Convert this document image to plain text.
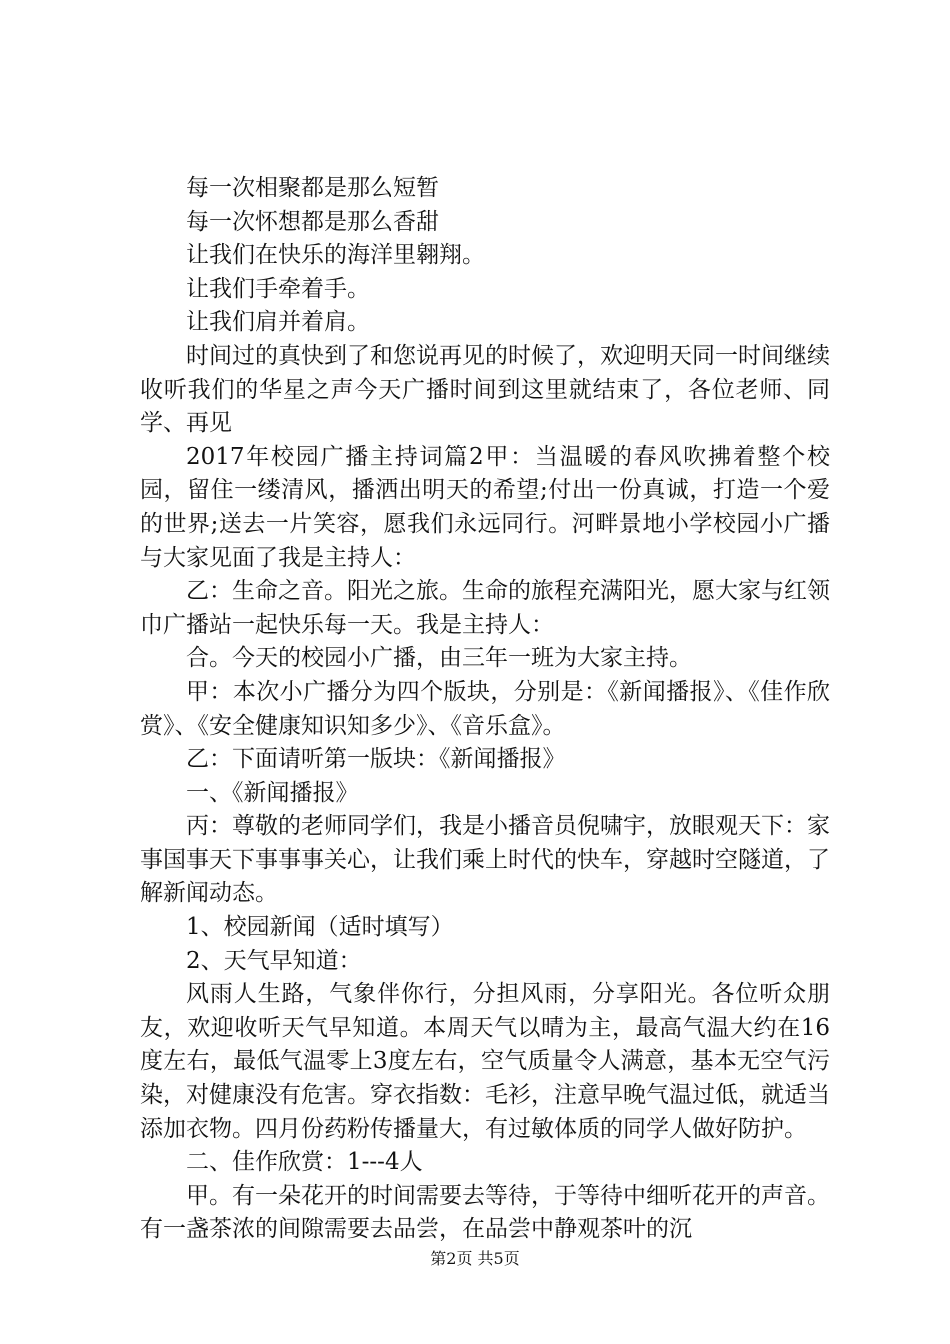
每一次相聚都是那么短暂

每一次怀想都是那么香甜

让我们在快乐的海洋里翱翔。

让我们手牵着手。

让我们肩并着肩。

时间过的真快到了和您说再见的时候了，欢迎明天同一时间继续收听我们的华星之声今天广播时间到这里就结束了，各位老师、同学、再见

2017年校园广播主持词篇2甲：当温暖的春风吹拂着整个校园，留住一缕清风，播洒出明天的希望;付出一份真诚，打造一个爱的世界;送去一片笑容，愿我们永远同行。河畔景地小学校园小广播与大家见面了我是主持人：

乙：生命之音。阳光之旅。生命的旅程充满阳光，愿大家与红领巾广播站一起快乐每一天。我是主持人：

合。今天的校园小广播，由三年一班为大家主持。

甲：本次小广播分为四个版块，分别是：《新闻播报》、《佳作欣赏》、《安全健康知识知多少》、《音乐盒》。

乙：下面请听第一版块：《新闻播报》

一、《新闻播报》

丙：尊敬的老师同学们，我是小播音员倪啸宇，放眼观天下：家事国事天下事事事关心，让我们乘上时代的快车，穿越时空隧道，了解新闻动态。

1、校园新闻（适时填写）

2、天气早知道：

风雨人生路，气象伴你行，分担风雨，分享阳光。各位听众朋友，欢迎收听天气早知道。本周天气以晴为主，最高气温大约在16度左右，最低气温零上3度左右，空气质量令人满意，基本无空气污染，对健康没有危害。穿衣指数：毛衫，注意早晚气温过低，就适当添加衣物。四月份药粉传播量大，有过敏体质的同学人做好防护。

二、佳作欣赏：1---4人

甲。有一朵花开的时间需要去等待，于等待中细听花开的声音。有一盏茶浓的间隙需要去品尝，在品尝中静观茶叶的沉

第2页 共5页
